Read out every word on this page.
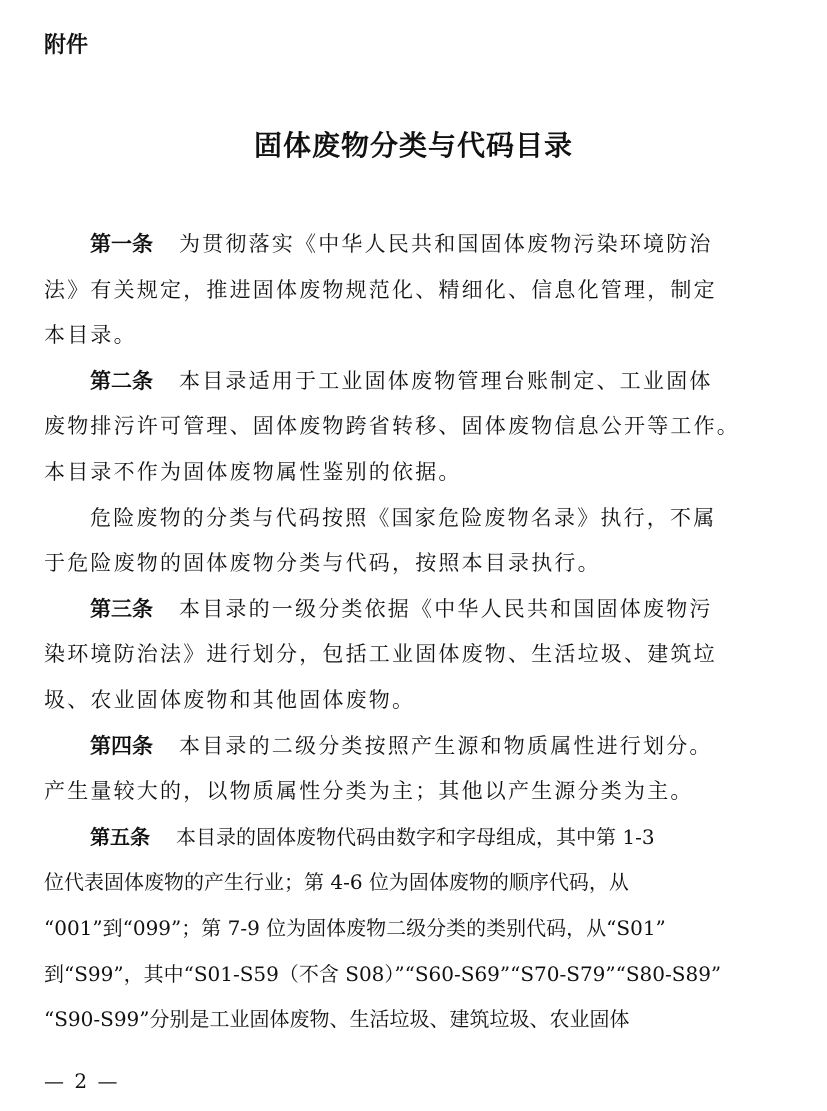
附件
固体废物分类与代码目录
第一条 为贯彻落实《中华人民共和国固体废物污染环境防治
法》有关规定，推进固体废物规范化、精细化、信息化管理，制定
本目录。
第二条 本目录适用于工业固体废物管理台账制定、工业固体
废物排污许可管理、固体废物跨省转移、固体废物信息公开等工作。
本目录不作为固体废物属性鉴别的依据。
危险废物的分类与代码按照《国家危险废物名录》执行，不属
于危险废物的固体废物分类与代码，按照本目录执行。
第三条 本目录的一级分类依据《中华人民共和国固体废物污
染环境防治法》进行划分，包括工业固体废物、生活垃圾、建筑垃
圾、农业固体废物和其他固体废物。
第四条 本目录的二级分类按照产生源和物质属性进行划分。
产生量较大的，以物质属性分类为主；其他以产生源分类为主。
第五条 本目录的固体废物代码由数字和字母组成，其中第 1-3
位代表固体废物的产生行业；第 4-6 位为固体废物的顺序代码，从
“001”到“099”；第 7-9 位为固体废物二级分类的类别代码，从“S01”
到“S99”，其中“S01-S59（不含 S08）”“S60-S69”“S70-S79”“S80-S89”
“S90-S99”分别是工业固体废物、生活垃圾、建筑垃圾、农业固体
— 2 —
